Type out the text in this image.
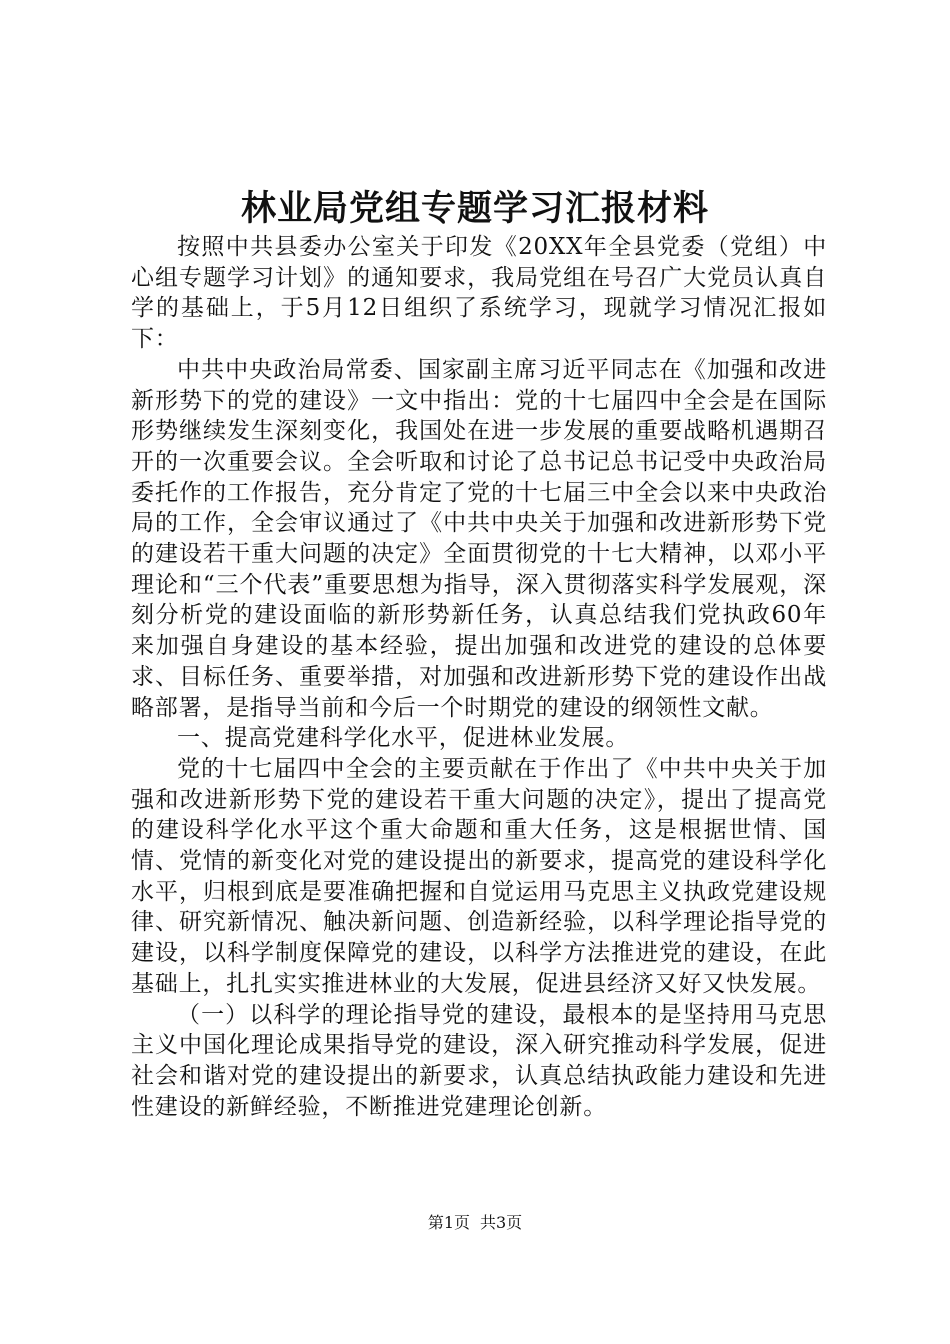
林业局党组专题学习汇报材料

按照中共县委办公室关于印发《20XX年全县党委（党组）中心组专题学习计划》的通知要求，我局党组在号召广大党员认真自学的基础上，于5月12日组织了系统学习，现就学习情况汇报如下：

中共中央政治局常委、国家副主席习近平同志在《加强和改进新形势下的党的建设》一文中指出：党的十七届四中全会是在国际形势继续发生深刻变化，我国处在进一步发展的重要战略机遇期召开的一次重要会议。全会听取和讨论了总书记总书记受中央政治局委托作的工作报告，充分肯定了党的十七届三中全会以来中央政治局的工作，全会审议通过了《中共中央关于加强和改进新形势下党的建设若干重大问题的决定》全面贯彻党的十七大精神，以邓小平理论和“三个代表”重要思想为指导，深入贯彻落实科学发展观，深刻分析党的建设面临的新形势新任务，认真总结我们党执政60年来加强自身建设的基本经验，提出加强和改进党的建设的总体要求、目标任务、重要举措，对加强和改进新形势下党的建设作出战略部署，是指导当前和今后一个时期党的建设的纲领性文献。

一、提高党建科学化水平，促进林业发展。

党的十七届四中全会的主要贡献在于作出了《中共中央关于加强和改进新形势下党的建设若干重大问题的决定》，提出了提高党的建设科学化水平这个重大命题和重大任务，这是根据世情、国情、党情的新变化对党的建设提出的新要求，提高党的建设科学化水平，归根到底是要准确把握和自觉运用马克思主义执政党建设规律、研究新情况、触决新问题、创造新经验，以科学理论指导党的建设，以科学制度保障党的建设，以科学方法推进党的建设，在此基础上，扎扎实实推进林业的大发展，促进县经济又好又快发展。

（一）以科学的理论指导党的建设，最根本的是坚持用马克思主义中国化理论成果指导党的建设，深入研究推动科学发展，促进社会和谐对党的建设提出的新要求，认真总结执政能力建设和先进性建设的新鲜经验，不断推进党建理论创新。

第1页 共3页
